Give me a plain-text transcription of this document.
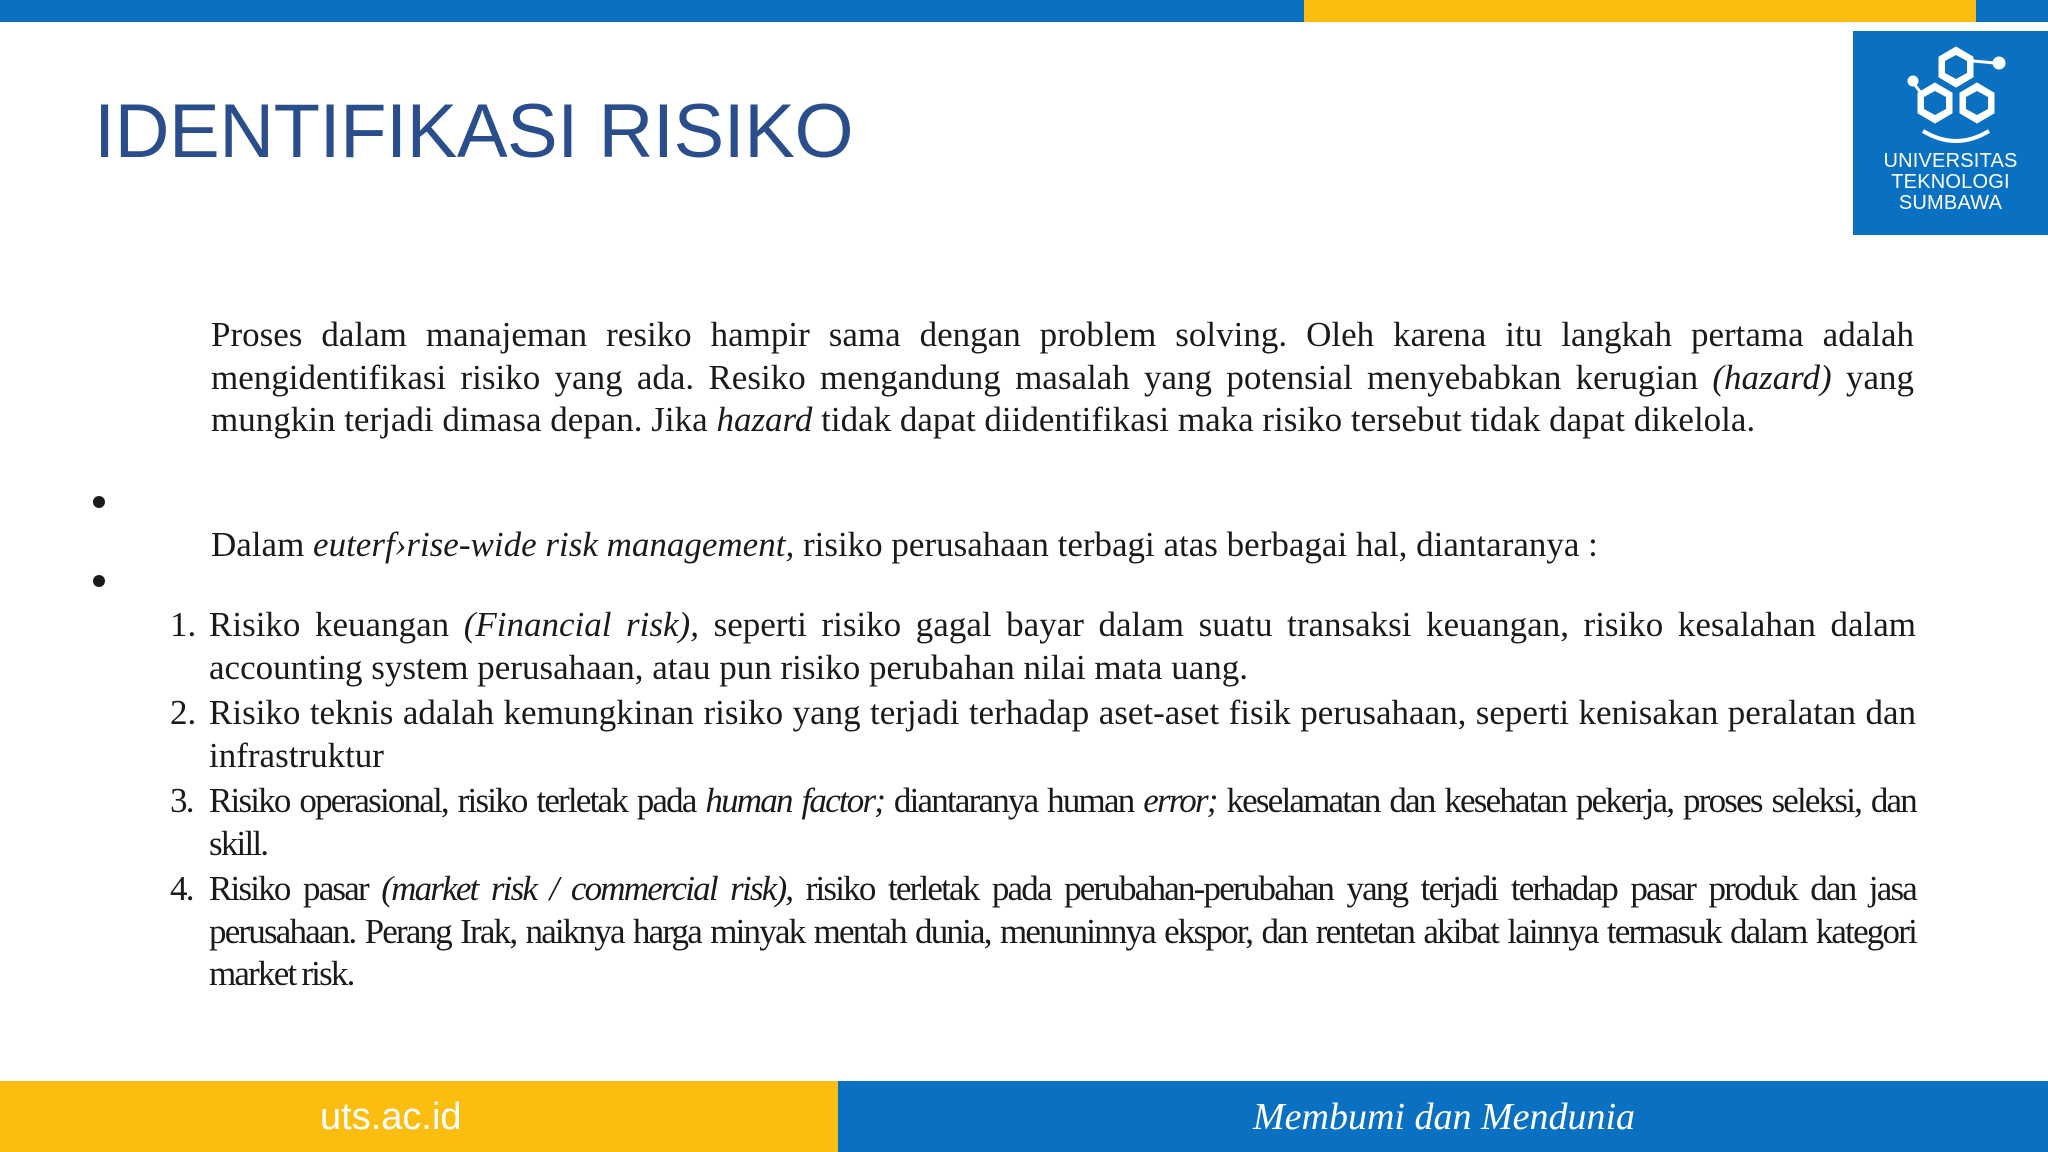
UNIVERSITAS
TEKNOLOGI
SUMBAWA
IDENTIFIKASI RISIKO

Proses dalam manajeman resiko hampir sama dengan problem solving. Oleh karena itu langkah pertama adalah mengidentifikasi risiko yang ada. Resiko mengandung masalah yang potensial menyebabkan kerugian (hazard) yang mungkin terjadi dimasa depan. Jika hazard tidak dapat diidentifikasi maka risiko tersebut tidak dapat dikelola.

Dalam euterf›rise-wide risk management, risiko perusahaan terbagi atas berbagai hal, diantaranya :

1. Risiko keuangan (Financial risk), seperti risiko gagal bayar dalam suatu transaksi keuangan, risiko kesalahan dalam accounting system perusahaan, atau pun risiko perubahan nilai mata uang.
2. Risiko teknis adalah kemungkinan risiko yang terjadi terhadap aset-aset fisik perusahaan, seperti kenisakan peralatan dan infrastruktur
3. Risiko operasional, risiko terletak pada human factor; diantaranya human error; keselamatan dan kesehatan pekerja, proses seleksi, dan skill.
4. Risiko pasar (market risk / commercial risk), risiko terletak pada perubahan-perubahan yang terjadi terhadap pasar produk dan jasa perusahaan. Perang Irak, naiknya harga minyak mentah dunia, menuninnya ekspor, dan rentetan akibat lainnya termasuk dalam kategori market risk.
uts.ac.id	Membumi dan Mendunia
